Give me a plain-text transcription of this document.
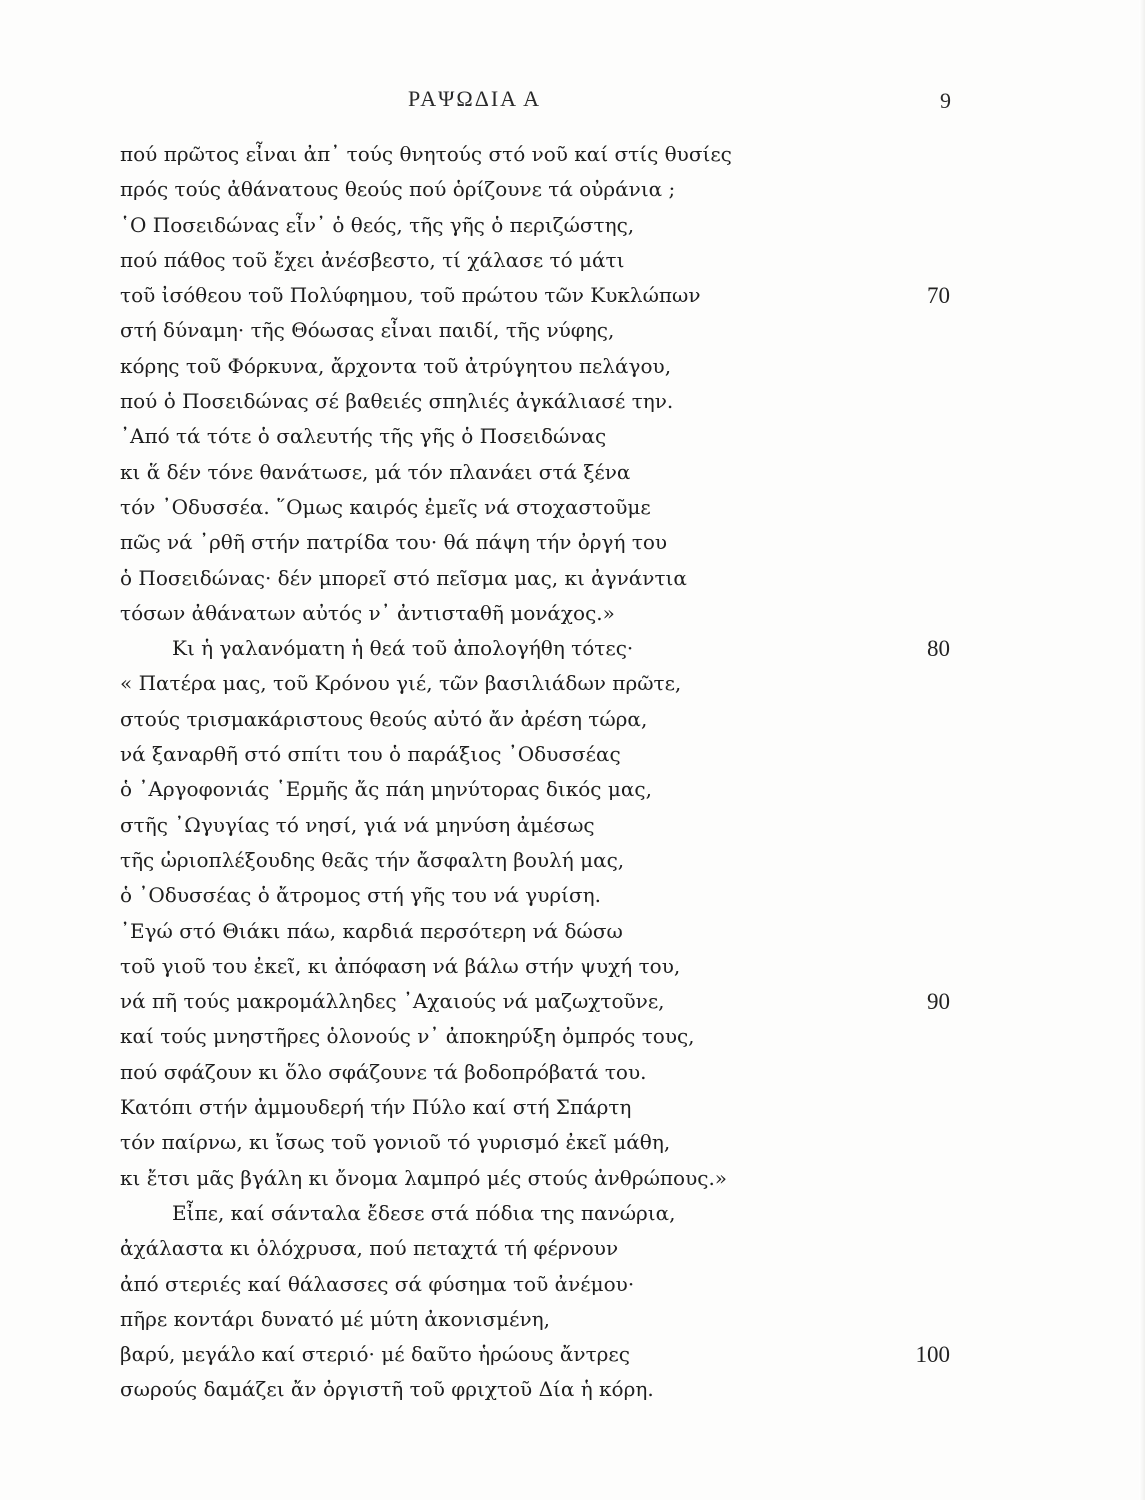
ΡΑΨΩΔΙΑ Α	9
πού πρῶτος εἶναι ἀπ᾽ τούς θνητούς στό νοῦ καί στίς θυσίες
πρός τούς ἀθάνατους θεούς πού ὁρίζουνε τά οὐράνια ;
῾Ο Ποσειδώνας εἶν᾽ ὁ θεός, τῆς γῆς ὁ περιζώστης,
πού πάθος τοῦ ἔχει ἀνέσβεστο, τί χάλασε τό μάτι
τοῦ ἰσόθεου τοῦ Πολύφημου, τοῦ πρώτου τῶν Κυκλώπων	70
στή δύναμη· τῆς Θόωσας εἶναι παιδί, τῆς νύφης,
κόρης τοῦ Φόρκυνα, ἄρχοντα τοῦ ἀτρύγητου πελάγου,
πού ὁ Ποσειδώνας σέ βαθειές σπηλιές ἀγκάλιασέ την.
᾿Από τά τότε ὁ σαλευτής τῆς γῆς ὁ Ποσειδώνας
κι ἅ δέν τόνε θανάτωσε, μά τόν πλανάει στά ξένα
τόν ᾿Οδυσσέα. ῞Ομως καιρός ἐμεῖς νά στοχαστοῦμε
πῶς νά ᾿ρθῆ στήν πατρίδα του· θά πάψη τήν ὀργή του
ὁ Ποσειδώνας· δέν μπορεῖ στό πεῖσμα μας, κι ἀγνάντια
τόσων ἀθάνατων αὐτός ν᾽ ἀντισταθῆ μονάχος.»
Κι ἡ γαλανόματη ἡ θεά τοῦ ἀπολογήθη τότες·	80
« Πατέρα μας, τοῦ Κρόνου γιέ, τῶν βασιλιάδων πρῶτε,
στούς τρισμακάριστους θεούς αὐτό ἄν ἀρέση τώρα,
νά ξαναρθῆ στό σπίτι του ὁ παράξιος ᾿Οδυσσέας
ὁ ᾿Αργοφονιάς ῾Ερμῆς ἄς πάη μηνύτορας δικός μας,
στῆς ᾿Ωγυγίας τό νησί, γιά νά μηνύση ἀμέσως
τῆς ὡριοπλέξουδης θεᾶς τήν ἄσφαλτη βουλή μας,
ὁ ᾿Οδυσσέας ὁ ἄτρομος στή γῆς του νά γυρίση.
᾿Εγώ στό Θιάκι πάω, καρδιά περσότερη νά δώσω
τοῦ γιοῦ του ἐκεῖ, κι ἀπόφαση νά βάλω στήν ψυχή του,
νά πῆ τούς μακρομάλληδες ᾿Αχαιούς νά μαζωχτοῦνε,	90
καί τούς μνηστῆρες ὁλονούς ν᾽ ἀποκηρύξη ὀμπρός τους,
πού σφάζουν κι ὅλο σφάζουνε τά βοδοπρόβατά του.
Κατόπι στήν ἀμμουδερή τήν Πύλο καί στή Σπάρτη
τόν παίρνω, κι ἴσως τοῦ γονιοῦ τό γυρισμό ἐκεῖ μάθη,
κι ἔτσι μᾶς βγάλη κι ὄνομα λαμπρό μές στούς ἀνθρώπους.»
Εἶπε, καί σάνταλα ἔδεσε στά πόδια της πανώρια,
ἀχάλαστα κι ὁλόχρυσα, πού πεταχτά τή φέρνουν
ἀπό στεριές καί θάλασσες σά φύσημα τοῦ ἀνέμου·
πῆρε κοντάρι δυνατό μέ μύτη ἀκονισμένη,
βαρύ, μεγάλο καί στεριό· μέ δαῦτο ἡρώους ἄντρες	100
σωρούς δαμάζει ἄν ὀργιστῆ τοῦ φριχτοῦ Δία ἡ κόρη.
